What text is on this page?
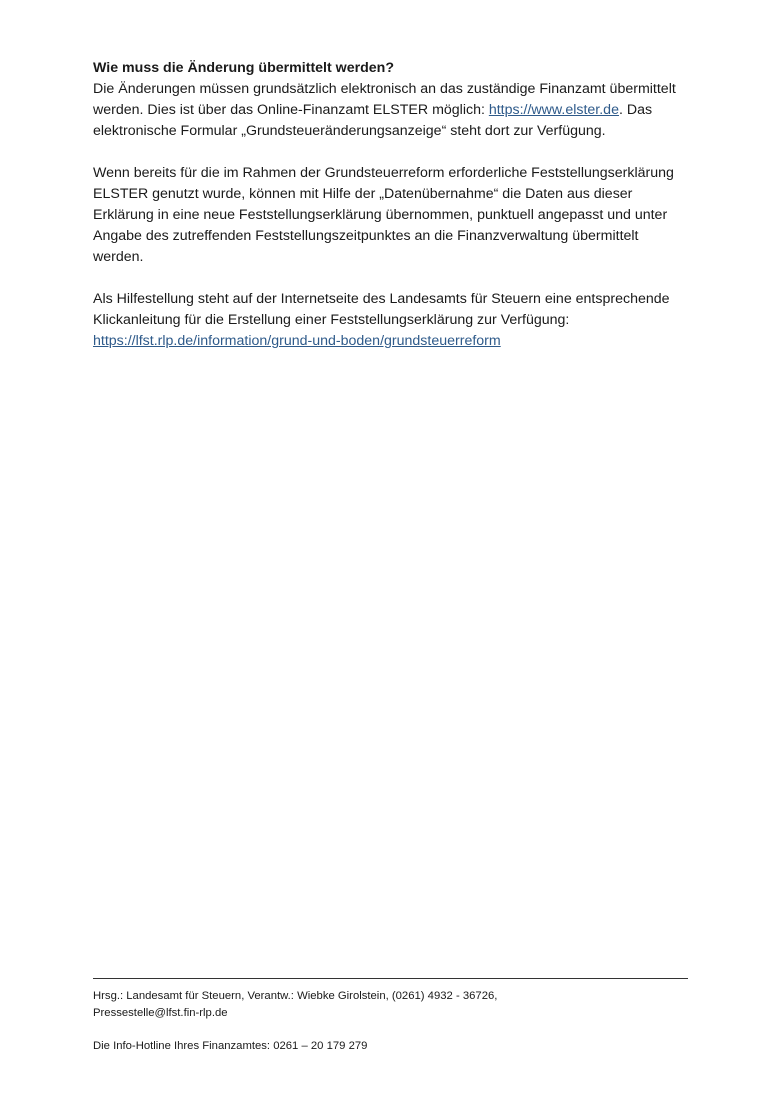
Wie muss die Änderung übermittelt werden?

Die Änderungen müssen grundsätzlich elektronisch an das zuständige Finanzamt übermittelt
werden. Dies ist über das Online-Finanzamt ELSTER möglich: https://www.elster.de. Das
elektronische Formular „Grundsteueränderungsanzeige“ steht dort zur Verfügung.

Wenn bereits für die im Rahmen der Grundsteuerreform erforderliche Feststellungserklärung
ELSTER genutzt wurde, können mit Hilfe der „Datenübernahme“ die Daten aus dieser
Erklärung in eine neue Feststellungserklärung übernommen, punktuell angepasst und unter
Angabe des zutreffenden Feststellungszeitpunktes an die Finanzverwaltung übermittelt
werden.

Als Hilfestellung steht auf der Internetseite des Landesamts für Steuern eine entsprechende
Klickanleitung für die Erstellung einer Feststellungserklärung zur Verfügung:
https://lfst.rlp.de/information/grund-und-boden/grundsteuerreform

Hrsg.: Landesamt für Steuern, Verantw.: Wiebke Girolstein, (0261) 4932 - 36726,
Pressestelle@lfst.fin-rlp.de
Die Info-Hotline Ihres Finanzamtes: 0261 – 20 179 279
